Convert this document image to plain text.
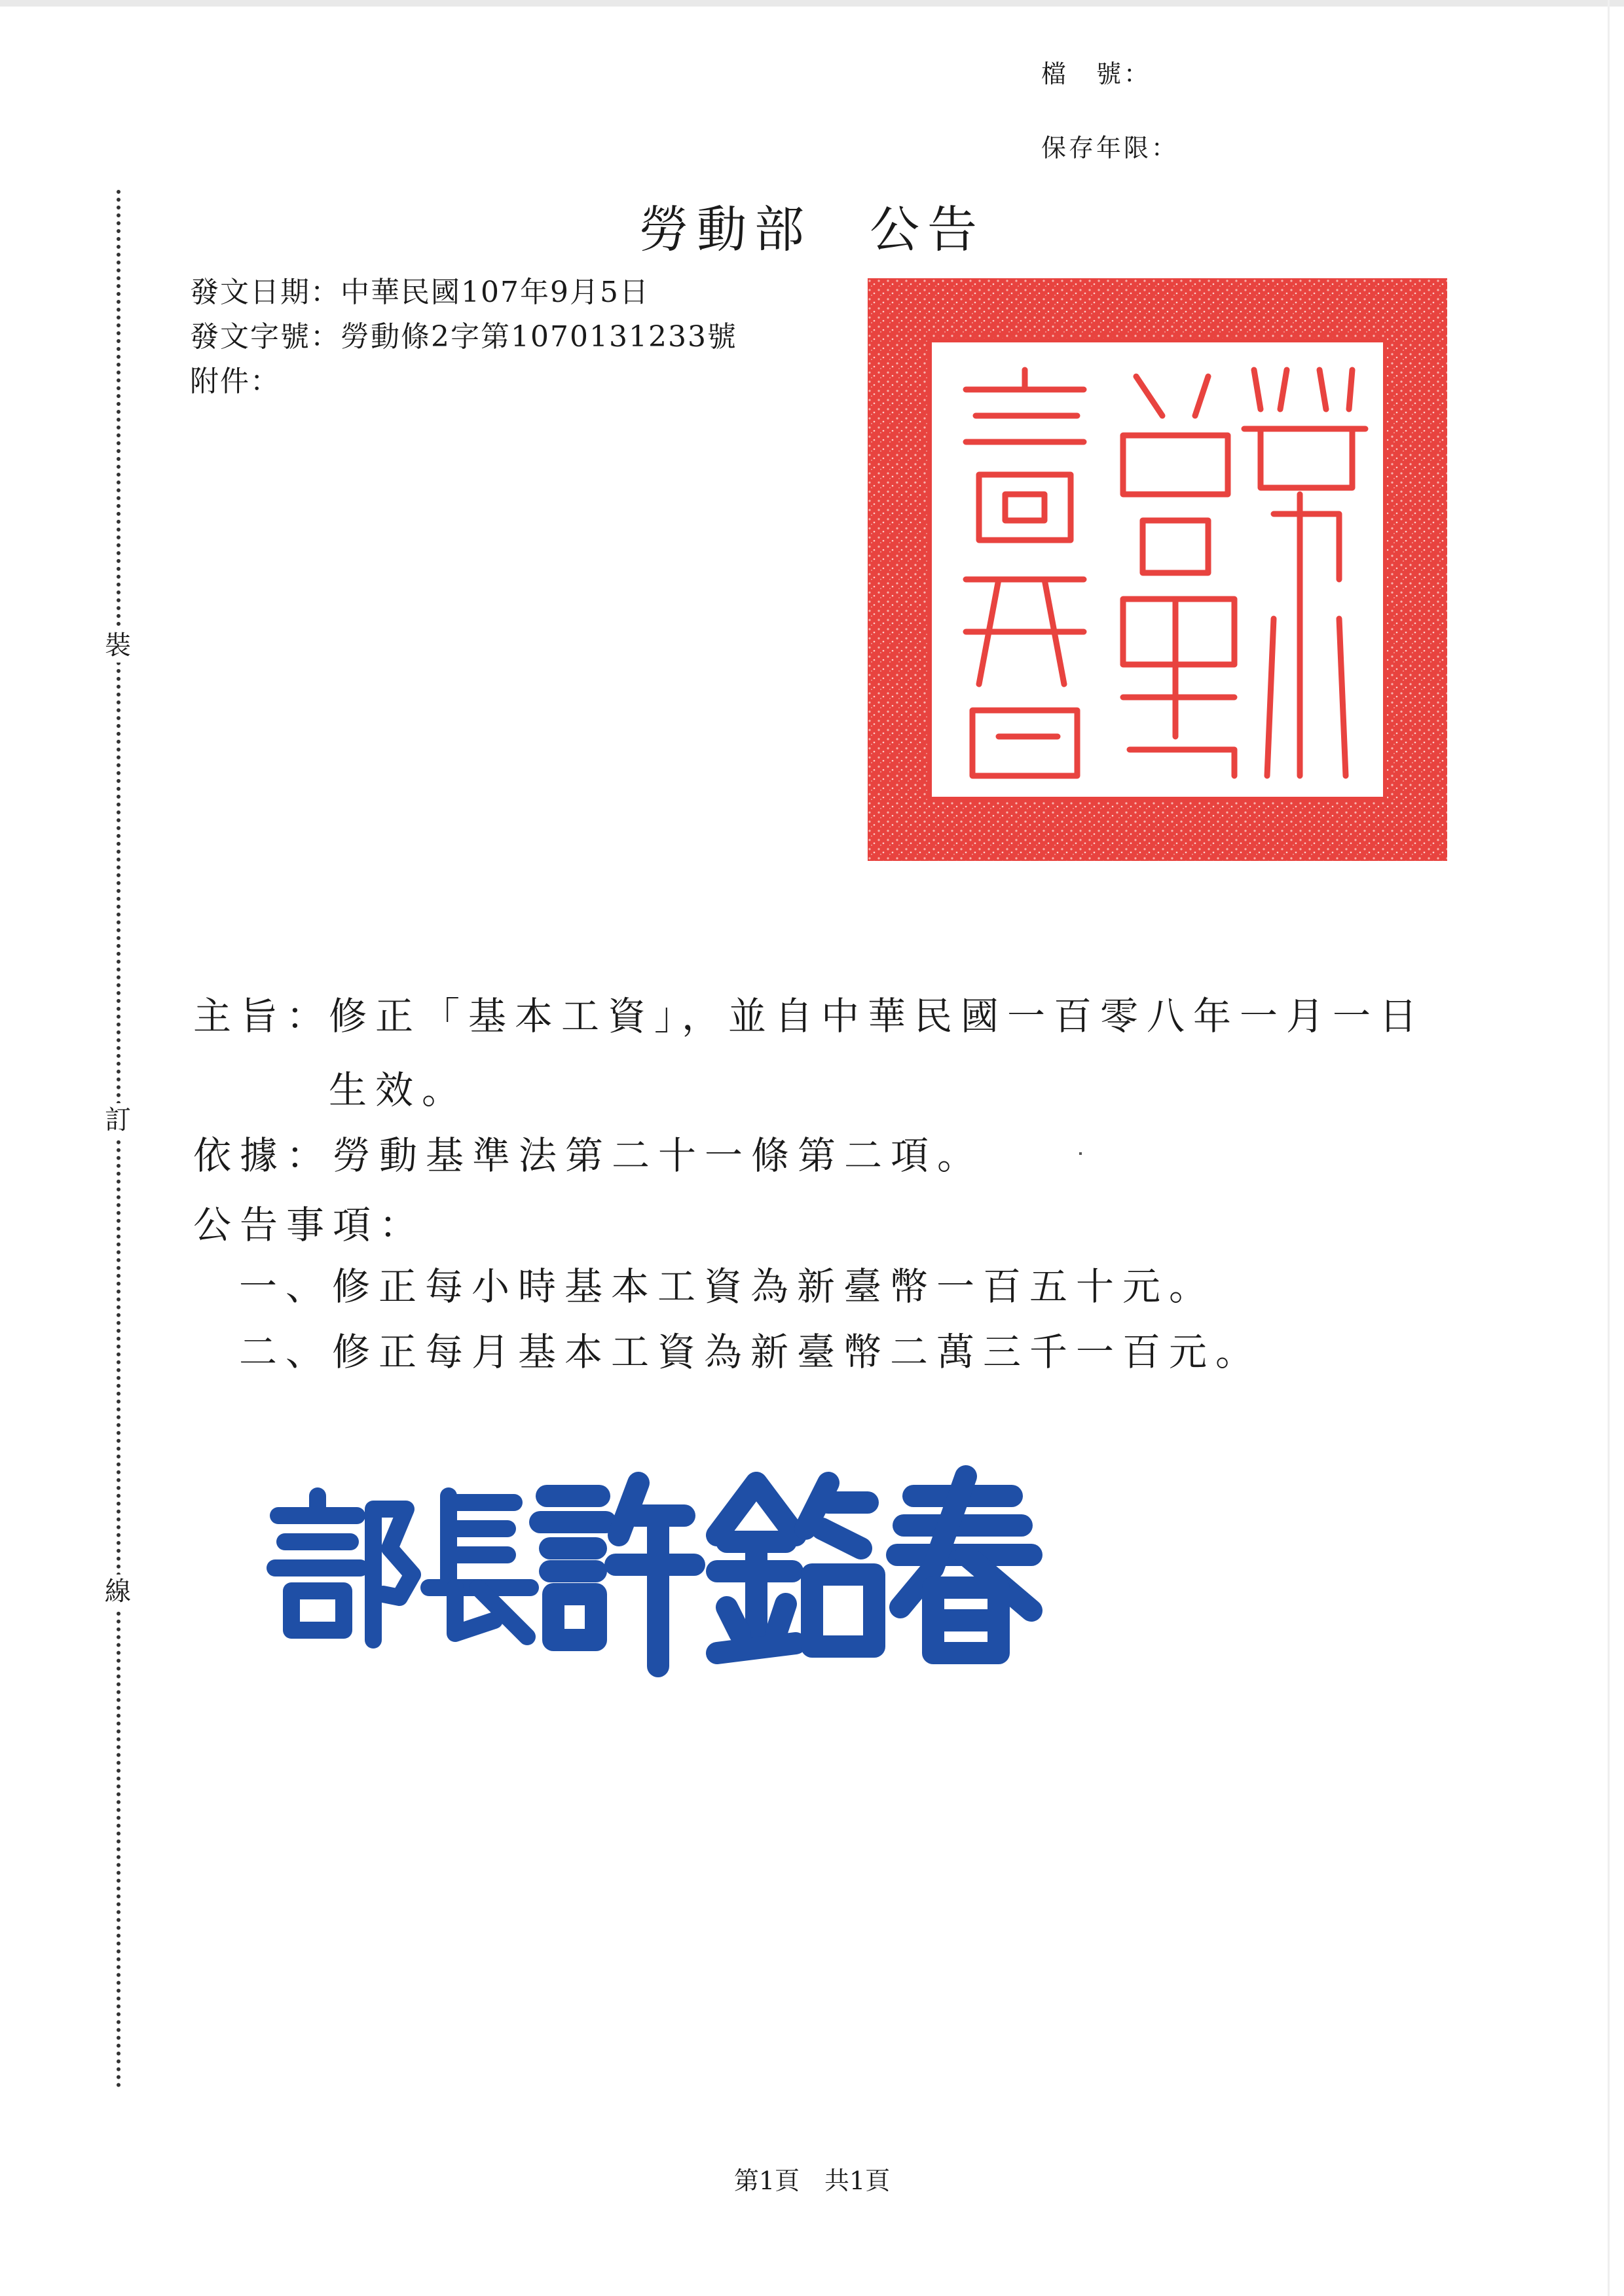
檔　號：
保存年限：
裝
訂
線
勞動部　公告
發文日期：中華民國107年9月5日
發文字號：勞動條2字第1070131233號
附件：
主旨：
修正「基本工資」，並自中華民國一百零八年一月一日
生效。
依據：勞動基準法第二十一條第二項。
公告事項：
一、修正每小時基本工資為新臺幣一百五十元。
二、修正每月基本工資為新臺幣二萬三千一百元。
第1頁　共1頁
